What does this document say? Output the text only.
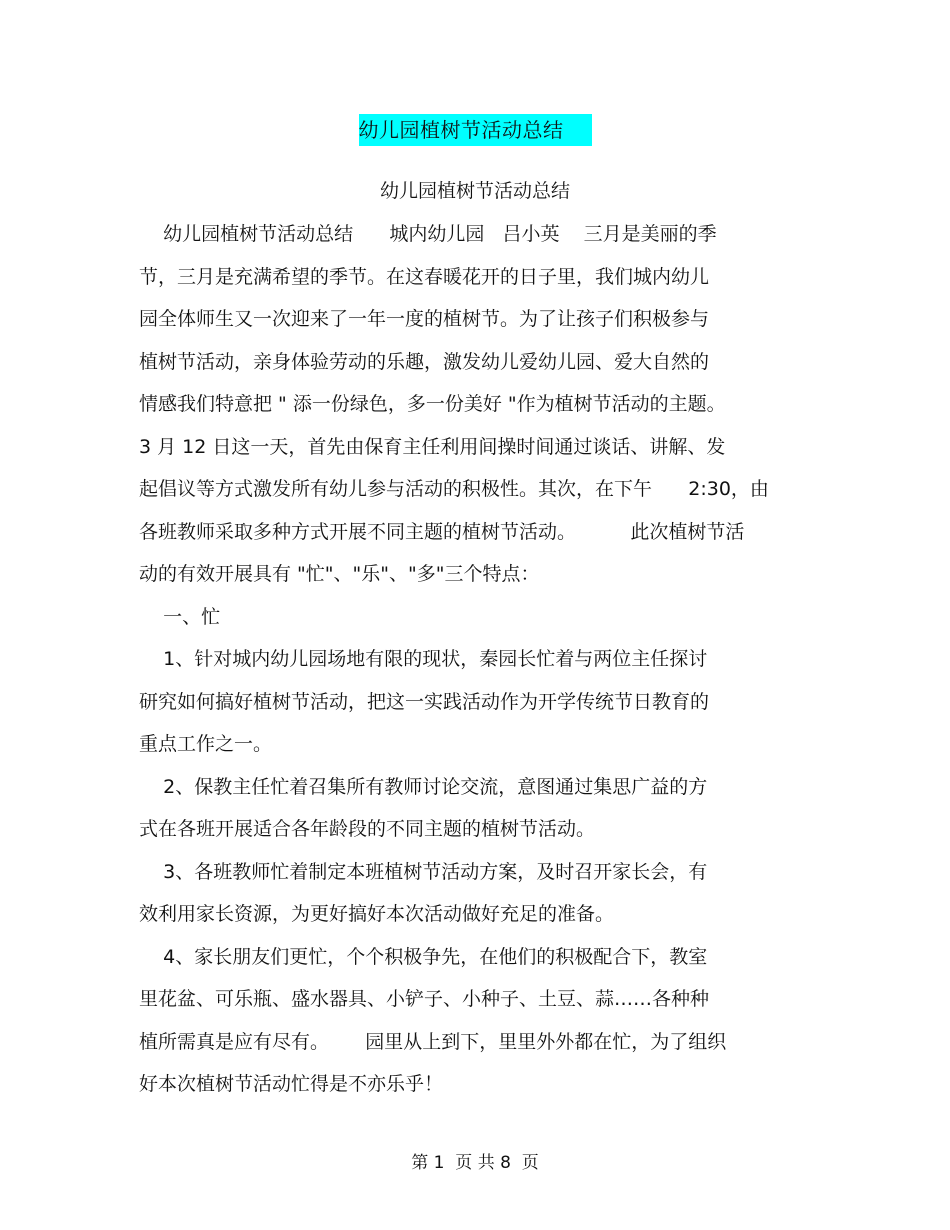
幼儿园植树节活动总结
幼儿园植树节活动总结
幼儿园植树节活动总结      城内幼儿园   吕小英    三月是美丽的季
节，三月是充满希望的季节。在这春暖花开的日子里，我们城内幼儿
园全体师生又一次迎来了一年一度的植树节。为了让孩子们积极参与
植树节活动，亲身体验劳动的乐趣，激发幼儿爱幼儿园、爱大自然的
情感我们特意把 " 添一份绿色，多一份美好 "作为植树节活动的主题。
3 月 12 日这一天，首先由保育主任利用间操时间通过谈话、讲解、发
起倡议等方式激发所有幼儿参与活动的积极性。其次，在下午      2:30，由
各班教师采取多种方式开展不同主题的植树节活动。         此次植树节活
动的有效开展具有 "忙"、"乐"、"多"三个特点：
一、忙
1、针对城内幼儿园场地有限的现状，秦园长忙着与两位主任探讨
研究如何搞好植树节活动，把这一实践活动作为开学传统节日教育的
重点工作之一。
2、保教主任忙着召集所有教师讨论交流，意图通过集思广益的方
式在各班开展适合各年龄段的不同主题的植树节活动。
3、各班教师忙着制定本班植树节活动方案，及时召开家长会，有
效利用家长资源，为更好搞好本次活动做好充足的准备。
4、家长朋友们更忙，个个积极争先，在他们的积极配合下，教室
里花盆、可乐瓶、盛水器具、小铲子、小种子、土豆、蒜……各种种
植所需真是应有尽有。      园里从上到下，里里外外都在忙，为了组织
好本次植树节活动忙得是不亦乐乎！
第 1  页 共 8  页
